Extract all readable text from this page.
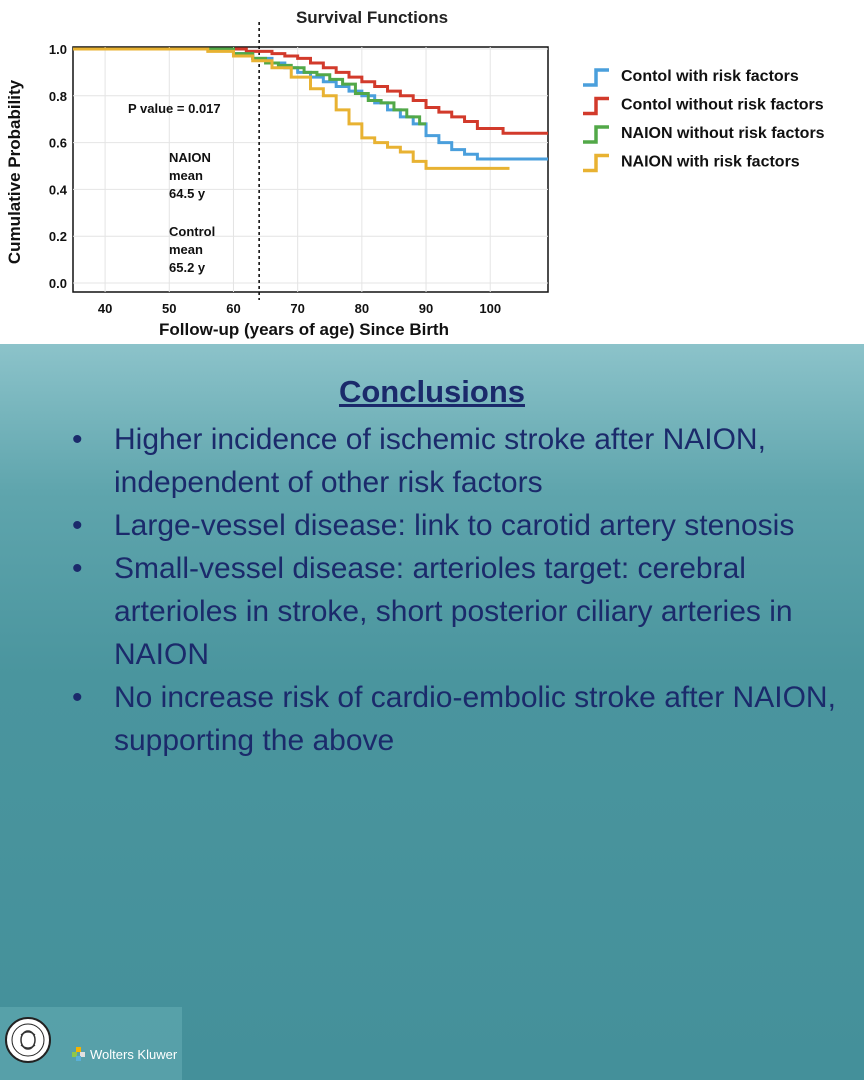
40	50	60	70	80	90	100
0.0
0.2
0.4
0.6
0.8
1.0
Survival Functions
Follow-up (years of age) Since Birth
Cumulative Probability	P value = 0.017
NAION
mean
64.5 y
Control
mean
65.2 y
Contol with risk factors
Contol without risk factors
NAION without risk factors
NAION with risk factors
Conclusions
• Higher incidence of ischemic stroke after NAION, independent of other risk factors
• Large-vessel disease: link to carotid artery stenosis
• Small-vessel disease: arterioles target: cerebral arterioles in stroke, short posterior ciliary arteries in NAION
• No increase risk of cardio-embolic stroke after NAION, supporting the above
Wolters Kluwer
